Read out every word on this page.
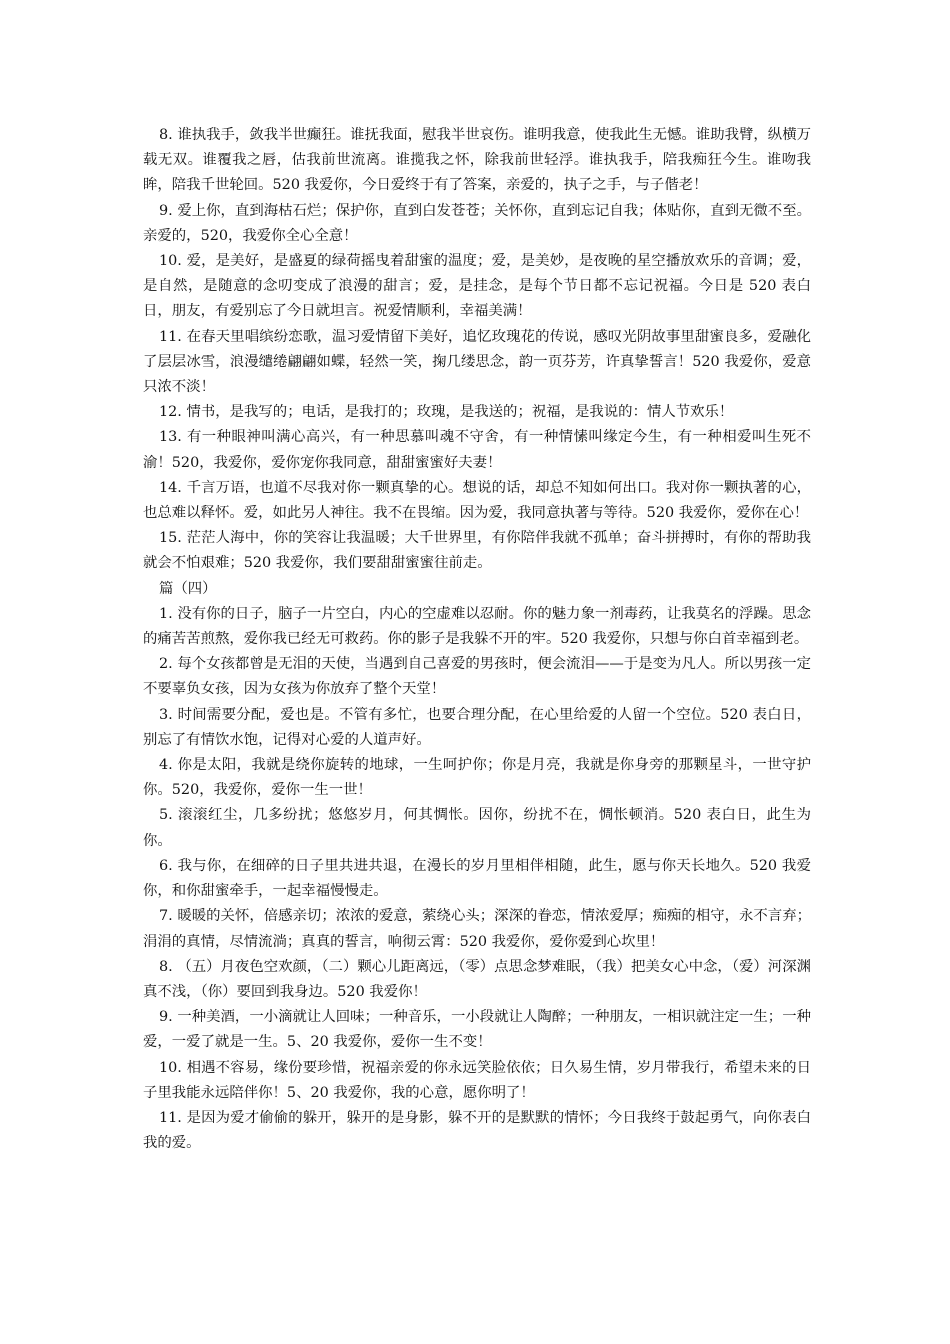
8. 谁执我手，敛我半世癫狂。谁抚我面，慰我半世哀伤。谁明我意，使我此生无憾。谁助我臂，纵横万载无双。谁覆我之唇，估我前世流离。谁揽我之怀，除我前世轻浮。谁执我手，陪我痴狂今生。谁吻我眸，陪我千世轮回。520 我爱你，今日爱终于有了答案，亲爱的，执子之手，与子偕老！

9. 爱上你，直到海枯石烂；保护你，直到白发苍苍；关怀你，直到忘记自我；体贴你，直到无微不至。亲爱的，520，我爱你全心全意！

10. 爱，是美好，是盛夏的绿荷摇曳着甜蜜的温度；爱，是美妙，是夜晚的星空播放欢乐的音调；爱，是自然，是随意的念叨变成了浪漫的甜言；爱，是挂念，是每个节日都不忘记祝福。今日是 520 表白日，朋友，有爱别忘了今日就坦言。祝爱情顺利，幸福美满！

11. 在春天里唱缤纷恋歌，温习爱情留下美好，追忆玫瑰花的传说，感叹光阴故事里甜蜜良多，爱融化了层层冰雪，浪漫缱绻翩翩如蝶，轻然一笑，掬几缕思念，韵一页芬芳，许真挚誓言！520 我爱你，爱意只浓不淡！

12. 情书，是我写的；电话，是我打的；玫瑰，是我送的；祝福，是我说的：情人节欢乐！

13. 有一种眼神叫满心高兴，有一种思慕叫魂不守舍，有一种情愫叫缘定今生，有一种相爱叫生死不渝！520，我爱你，爱你宠你我同意，甜甜蜜蜜好夫妻！

14. 千言万语，也道不尽我对你一颗真挚的心。想说的话，却总不知如何出口。我对你一颗执著的心，也总难以释怀。爱，如此另人神往。我不在畏缩。因为爱，我同意执著与等待。520 我爱你，爱你在心！

15. 茫茫人海中，你的笑容让我温暖；大千世界里，有你陪伴我就不孤单；奋斗拼搏时，有你的帮助我就会不怕艰难；520 我爱你，我们要甜甜蜜蜜往前走。

篇（四）

1. 没有你的日子，脑子一片空白，内心的空虚难以忍耐。你的魅力象一剂毒药，让我莫名的浮躁。思念的痛苦苦煎熬，爱你我已经无可救药。你的影子是我躲不开的牢。520 我爱你，只想与你白首幸福到老。

2. 每个女孩都曾是无泪的天使，当遇到自己喜爱的男孩时，便会流泪——于是变为凡人。所以男孩一定不要辜负女孩，因为女孩为你放弃了整个天堂！

3. 时间需要分配，爱也是。不管有多忙，也要合理分配，在心里给爱的人留一个空位。520 表白日，别忘了有情饮水饱，记得对心爱的人道声好。

4. 你是太阳，我就是绕你旋转的地球，一生呵护你；你是月亮，我就是你身旁的那颗星斗，一世守护你。520，我爱你，爱你一生一世！

5. 滚滚红尘，几多纷扰；悠悠岁月，何其惆怅。因你，纷扰不在，惆怅顿消。520 表白日，此生为你。

6. 我与你，在细碎的日子里共进共退，在漫长的岁月里相伴相随，此生，愿与你天长地久。520 我爱你，和你甜蜜牵手，一起幸福慢慢走。

7. 暖暖的关怀，倍感亲切；浓浓的爱意，萦绕心头；深深的眷恋，情浓爱厚；痴痴的相守，永不言弃；涓涓的真情，尽情流淌；真真的誓言，响彻云霄：520 我爱你，爱你爱到心坎里！

8. （五）月夜色空欢颜，（二）颗心儿距离远，（零）点思念梦难眠，（我）把美女心中念，（爱）河深渊真不浅，（你）要回到我身边。520 我爱你！

9. 一种美酒，一小滴就让人回味；一种音乐，一小段就让人陶醉；一种朋友，一相识就注定一生；一种爱，一爱了就是一生。5、20 我爱你，爱你一生不变！

10. 相遇不容易，缘份要珍惜，祝福亲爱的你永远笑脸依依；日久易生情，岁月带我行，希望未来的日子里我能永远陪伴你！5、20 我爱你，我的心意，愿你明了！

11. 是因为爱才偷偷的躲开，躲开的是身影，躲不开的是默默的情怀；今日我终于鼓起勇气，向你表白我的爱。
